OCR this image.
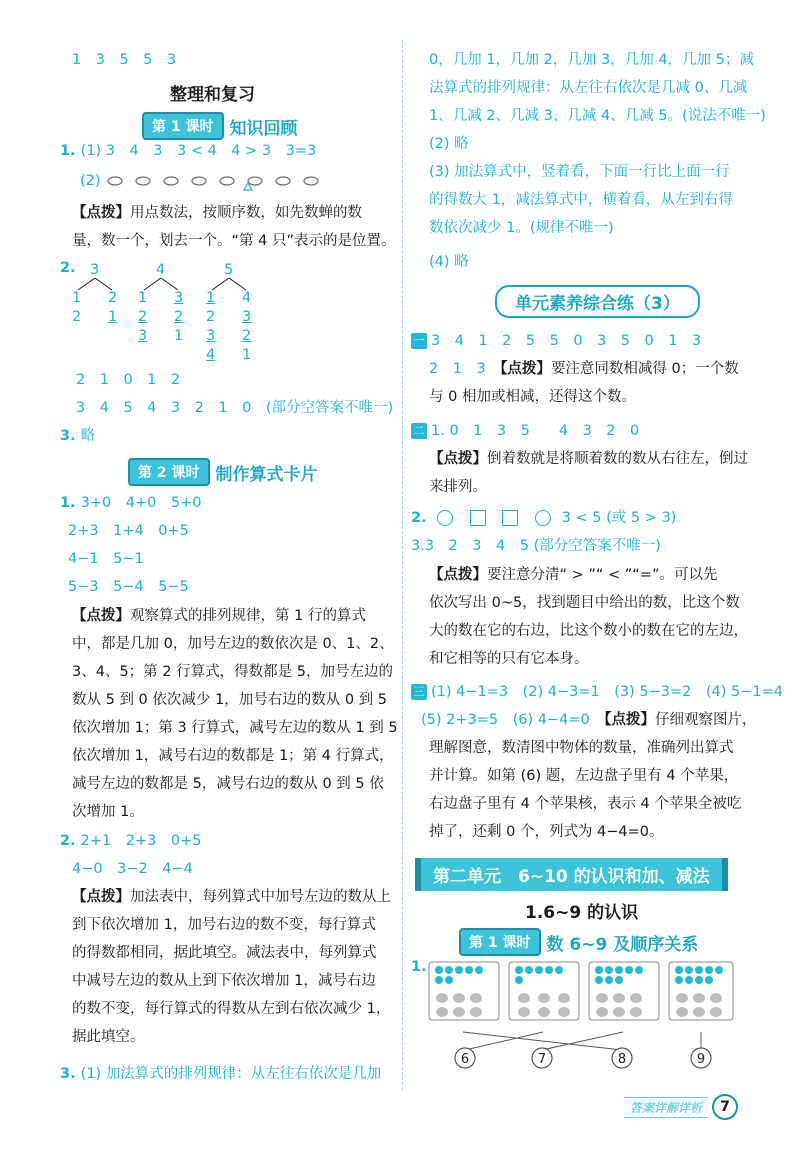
1　3　5　5　3
整理和复习
第 1 课时 知识回顾
1. (1) 3　4　3　3 < 4　4 > 3　3=3
(2)
【点拨】用点数法，按顺序数，如先数蝉的数
量，数一个，划去一个。“第 4 只”表示的是位置。
2. 3
1 2
2 1
4
1 3
2 2
3 1
5
1 4
2 3
3 2
4 1
2　1　0　1　2
3　4　5　4　3　2　1　0　 (部分空答案不唯一)
3. 略
第 2 课时 制作算式卡片
1. 3+0　4+0　5+0
2+3　1+4　0+5
4−1　5−1
5−3　5−4　5−5
【点拨】观察算式的排列规律，第 1 行的算式
中，都是几加 0，加号左边的数依次是 0、1、2、
3、4、5；第 2 行算式，得数都是 5，加号左边的
数从 5 到 0 依次减少 1，加号右边的数从 0 到 5
依次增加 1；第 3 行算式，减号左边的数从 1 到 5
依次增加 1，减号右边的数都是 1；第 4 行算式，
减号左边的数都是 5，减号右边的数从 0 到 5 依
次增加 1。
2. 2+1　2+3　0+5
4−0　3−2　4−4
【点拨】加法表中，每列算式中加号左边的数从上
到下依次增加 1，加号右边的数不变，每行算式
的得数都相同，据此填空。减法表中，每列算式
中减号左边的数从上到下依次增加 1，减号右边
的数不变，每行算式的得数从左到右依次减少 1，
据此填空。
3. (1) 加法算式的排列规律：从左往右依次是几加
0，几加 1，几加 2，几加 3，几加 4，几加 5；减
法算式的排列规律：从左往右依次是几减 0、几减
1、几减 2、几减 3、几减 4、几减 5。(说法不唯一)
(2) 略
(3) 加法算式中，竖着看，下面一行比上面一行
的得数大 1，减法算式中，横着看，从左到右得
数依次减少 1。(规律不唯一)
(4) 略
单元素养综合练（3）
一 3　4　1　2　5　5　0　3　5　0　1　3
2　1　3　 【点拨】要注意同数相减得 0；一个数
与 0 相加或相减，还得这个数。
二 1. 0　1　3　5　　4　3　2　0
【点拨】倒着数就是将顺着数的数从右往左，倒过
来排列。
2.	3 < 5 (或 5 > 3)
3.3　2　3　4　5 (部分空答案不唯一)
【点拨】要注意分清“ > ”“ < ”“=”。可以先
依次写出 0~5，找到题目中给出的数，比这个数
大的数在它的右边，比这个数小的数在它的左边，
和它相等的只有它本身。
三 (1) 4−1=3　(2) 4−3=1　(3) 5−3=2　(4) 5−1=4
(5) 2+3=5　(6) 4−4=0　 【点拨】仔细观察图片，
理解图意，数清图中物体的数量，准确列出算式
并计算。如第 (6) 题，左边盘子里有 4 个苹果，
右边盘子里有 4 个苹果核，表示 4 个苹果全被吃
掉了，还剩 0 个，列式为 4−4=0。
第二单元　6~10 的认识和加、减法
1.6~9 的认识
第 1 课时 数 6~9 及顺序关系
1.
6	7	8	9
答案详解详析	7
